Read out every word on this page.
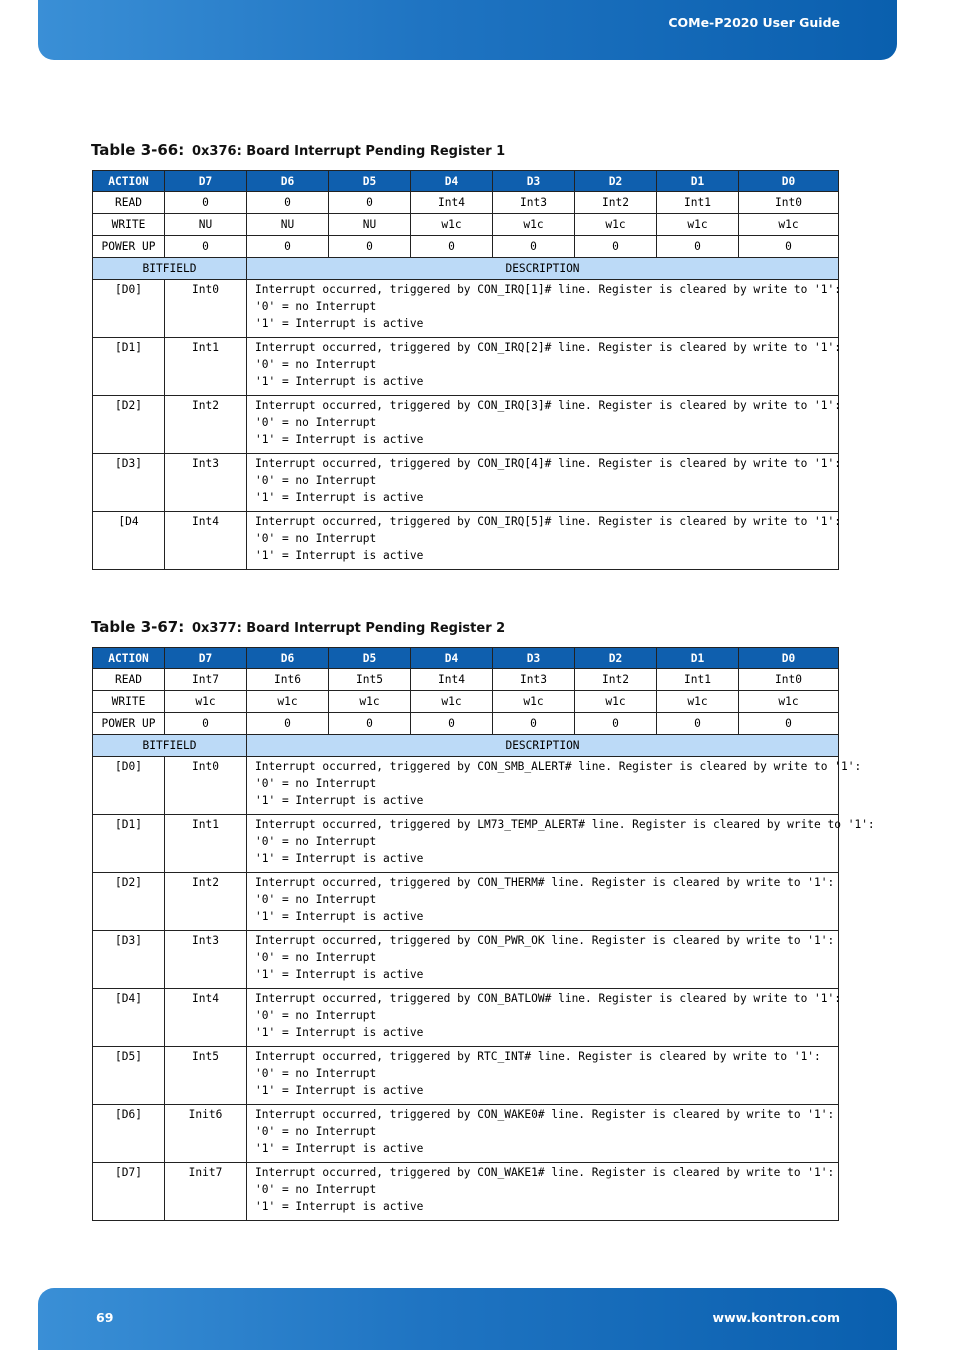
COMe-P2020 User Guide
Table 3-66: 0x376: Board Interrupt Pending Register 1
ACTION	D7	D6	D5	D4	D3	D2	D1	D0
READ	0	0	0	Int4	Int3	Int2	Int1	Int0
WRITE	NU	NU	NU	w1c	w1c	w1c	w1c	w1c
POWER UP	0	0	0	0	0	0	0	0
BITFIELD		DESCRIPTION						
[D0]	Int0	Interrupt occurred, triggered by CON_IRQ[1]# line. Register is cleared by write to '1':
'0' = no Interrupt
'1' = Interrupt is active						

[D1]	Int1	Interrupt occurred, triggered by CON_IRQ[2]# line. Register is cleared by write to '1':
'0' = no Interrupt
'1' = Interrupt is active						

[D2]	Int2	Interrupt occurred, triggered by CON_IRQ[3]# line. Register is cleared by write to '1':
'0' = no Interrupt
'1' = Interrupt is active						

[D3]	Int3	Interrupt occurred, triggered by CON_IRQ[4]# line. Register is cleared by write to '1':
'0' = no Interrupt
'1' = Interrupt is active						

[D4	Int4	Interrupt occurred, triggered by CON_IRQ[5]# line. Register is cleared by write to '1':
'0' = no Interrupt
'1' = Interrupt is active						
Table 3-67: 0x377: Board Interrupt Pending Register 2
ACTION	D7	D6	D5	D4	D3	D2	D1	D0
READ	Int7	Int6	Int5	Int4	Int3	Int2	Int1	Int0
WRITE	w1c	w1c	w1c	w1c	w1c	w1c	w1c	w1c
POWER UP	0	0	0	0	0	0	0	0
BITFIELD		DESCRIPTION						
[D0]	Int0	Interrupt occurred, triggered by CON_SMB_ALERT# line. Register is cleared by write to '1':
'0' = no Interrupt
'1' = Interrupt is active						

[D1]	Int1	Interrupt occurred, triggered by LM73_TEMP_ALERT# line. Register is cleared by write to '1':
'0' = no Interrupt
'1' = Interrupt is active						

[D2]	Int2	Interrupt occurred, triggered by CON_THERM# line. Register is cleared by write to '1':
'0' = no Interrupt
'1' = Interrupt is active						

[D3]	Int3	Interrupt occurred, triggered by CON_PWR_OK line. Register is cleared by write to '1':
'0' = no Interrupt
'1' = Interrupt is active						

[D4]	Int4	Interrupt occurred, triggered by CON_BATLOW# line. Register is cleared by write to '1':
'0' = no Interrupt
'1' = Interrupt is active						

[D5]	Int5	Interrupt occurred, triggered by RTC_INT# line. Register is cleared by write to '1':
'0' = no Interrupt
'1' = Interrupt is active						

[D6]	Init6	Interrupt occurred, triggered by CON_WAKE0# line. Register is cleared by write to '1':
'0' = no Interrupt
'1' = Interrupt is active						

[D7]	Init7	Interrupt occurred, triggered by CON_WAKE1# line. Register is cleared by write to '1':
'0' = no Interrupt
'1' = Interrupt is active						
69	www.kontron.com
